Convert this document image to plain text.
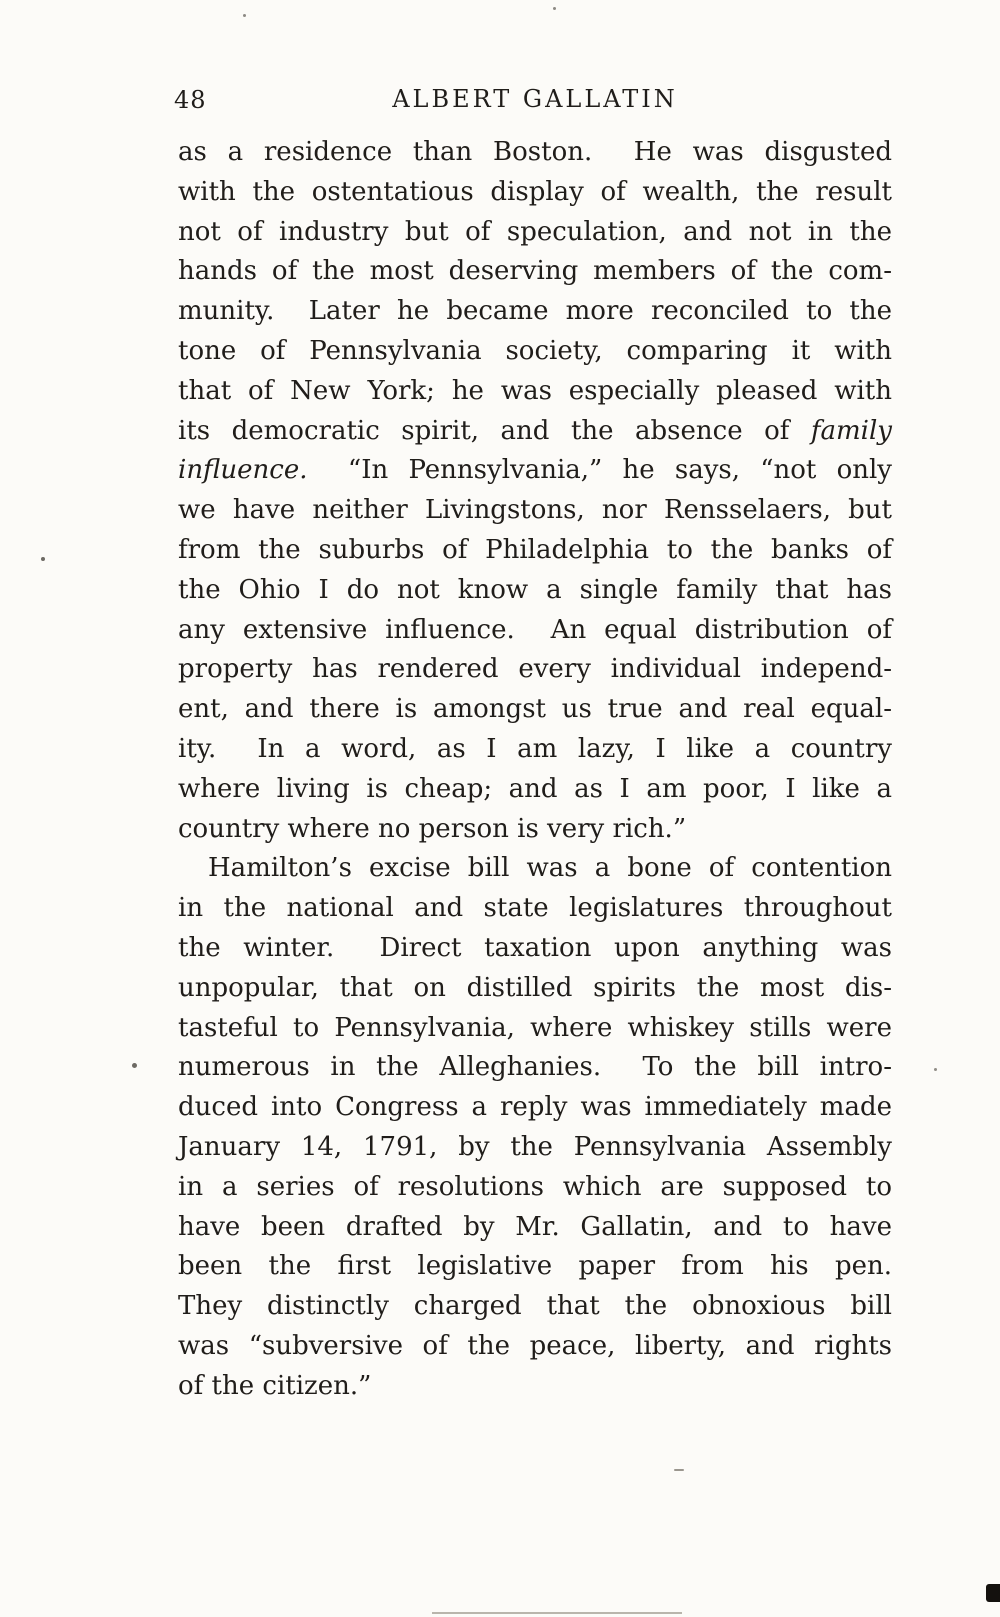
48	ALBERT GALLATIN
as a residence than Boston.  He was disgusted
with the ostentatious display of wealth, the result
not of industry but of speculation, and not in the
hands of the most deserving members of the com-
munity.  Later he became more reconciled to the
tone of Pennsylvania society, comparing it with
that of New York; he was especially pleased with
its democratic spirit, and the absence of family
influence.  “In Pennsylvania,” he says, “not only
we have neither Livingstons, nor Rensselaers, but
from the suburbs of Philadelphia to the banks of
the Ohio I do not know a single family that has
any extensive influence.  An equal distribution of
property has rendered every individual independ-
ent, and there is amongst us true and real equal-
ity.  In a word, as I am lazy, I like a country
where living is cheap; and as I am poor, I like a
country where no person is very rich.”
Hamilton’s excise bill was a bone of contention
in the national and state legislatures throughout
the winter.  Direct taxation upon anything was
unpopular, that on distilled spirits the most dis-
tasteful to Pennsylvania, where whiskey stills were
numerous in the Alleghanies.  To the bill intro-
duced into Congress a reply was immediately made
January 14, 1791, by the Pennsylvania Assembly
in a series of resolutions which are supposed to
have been drafted by Mr. Gallatin, and to have
been the first legislative paper from his pen.
They distinctly charged that the obnoxious bill
was “subversive of the peace, liberty, and rights
of the citizen.”
